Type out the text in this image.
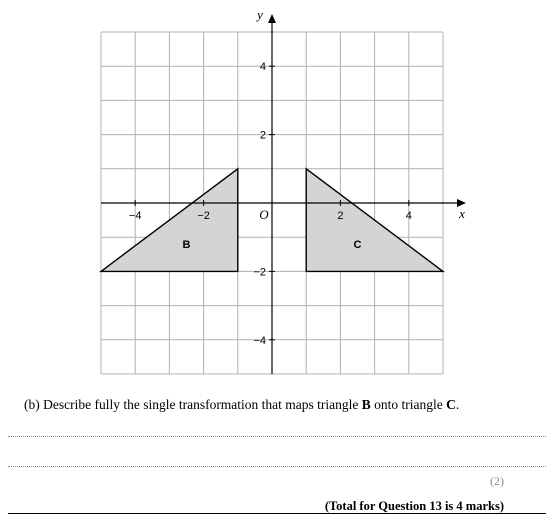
B	C
−4	−2	2	4
4
2
−2
−4
x
y
O
(b) Describe fully the single transformation that maps triangle B onto triangle C.
(2)
(Total for Question 13 is 4 marks)
